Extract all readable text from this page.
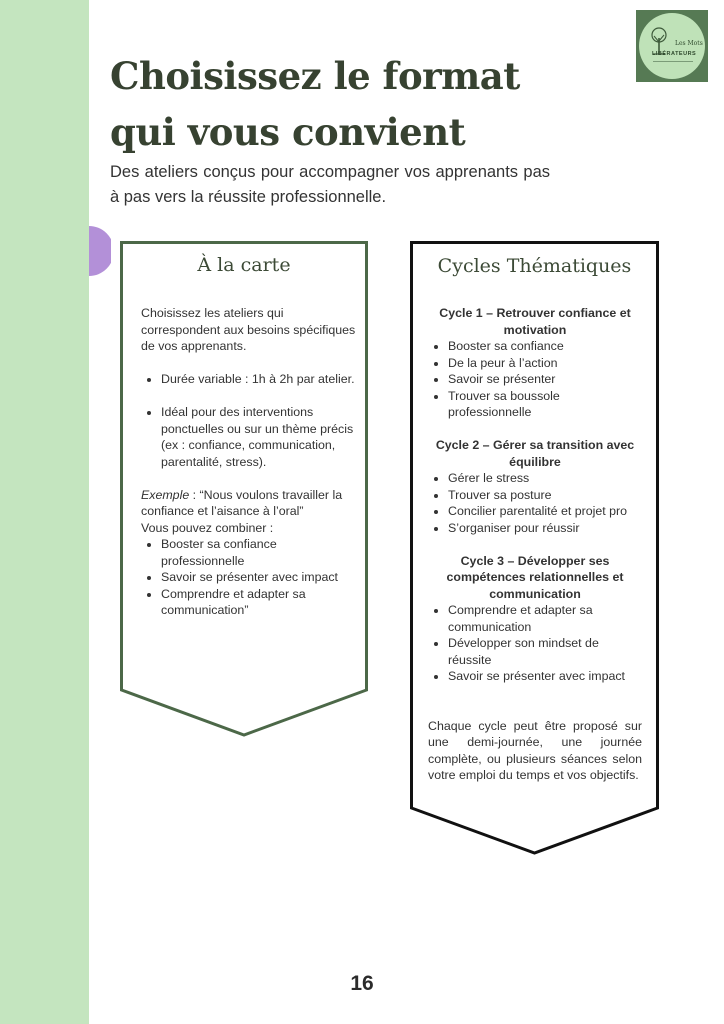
Les Mots
LIBÉRATEURS
Choisissez le format qui vous convient

Des ateliers conçus pour accompagner vos apprenants pas à pas vers la réussite professionnelle.

À la carte

Choisissez les ateliers qui correspondent aux besoins spécifiques de vos apprenants.

• Durée variable : 1h à 2h par atelier.
• Idéal pour des interventions ponctuelles ou sur un thème précis (ex : confiance, communication, parentalité, stress).

Exemple : “Nous voulons travailler la confiance et l’aisance à l’oral”

Vous pouvez combiner :

• Booster sa confiance professionnelle
• Savoir se présenter avec impact
• Comprendre et adapter sa communication”
Cycles Thématiques

Cycle 1 – Retrouver confiance et motivation

• Booster sa confiance
• De la peur à l’action
• Savoir se présenter
• Trouver sa boussole professionnelle

Cycle 2 – Gérer sa transition avec équilibre

• Gérer le stress
• Trouver sa posture
• Concilier parentalité et projet pro
• S’organiser pour réussir

Cycle 3 – Développer ses compétences relationnelles et communication

• Comprendre et adapter sa communication
• Développer son mindset de réussite
• Savoir se présenter avec impact

Chaque cycle peut être proposé sur une demi-journée, une journée complète, ou plusieurs séances selon votre emploi du temps et vos objectifs.

16
